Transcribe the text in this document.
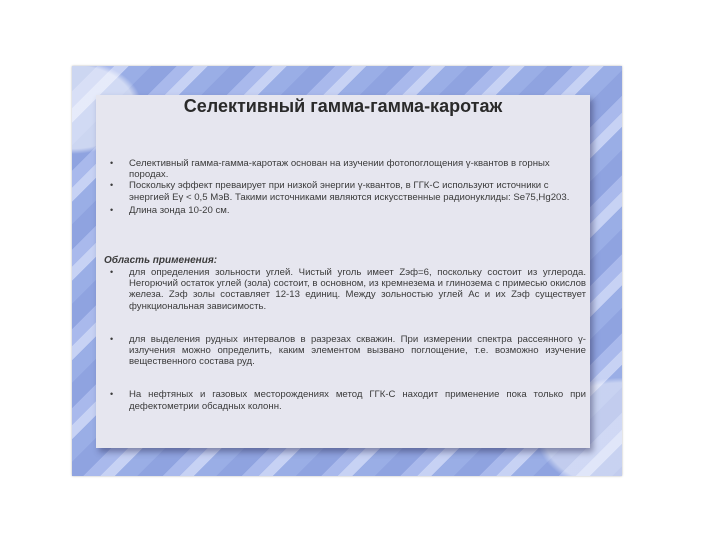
Селективный гамма-гамма-каротаж
• Селективный гамма-гамма-каротаж основан на изучении фотопоглощения γ-квантов в горных породах.
• Поскольку эффект преваирует при низкой энергии γ-квантов, в ГГК-С используют источники с энергией Eγ < 0,5 МэВ. Такими источниками являются искусственные радионуклиды: Se75,Hg203.
• Длина зонда 10-20 см.
Область применения:
• для определения зольности углей. Чистый уголь имеет Zэф=6, поскольку состоит из углерода. Негорючий остаток углей (зола) состоит, в основном, из кремнезема и глинозема с примесью окислов железа. Zэф золы составляет 12-13 единиц. Между зольностью углей Ас и их Zэф существует функциональная зависимость.
• для выделения рудных интервалов в разрезах скважин. При измерении спектра рассеянного γ-излучения можно определить, каким элементом вызвано поглощение, т.е. возможно изучение вещественного состава руд.
• На нефтяных и газовых месторождениях метод ГГК-С находит применение пока только при дефектометрии обсадных колонн.
